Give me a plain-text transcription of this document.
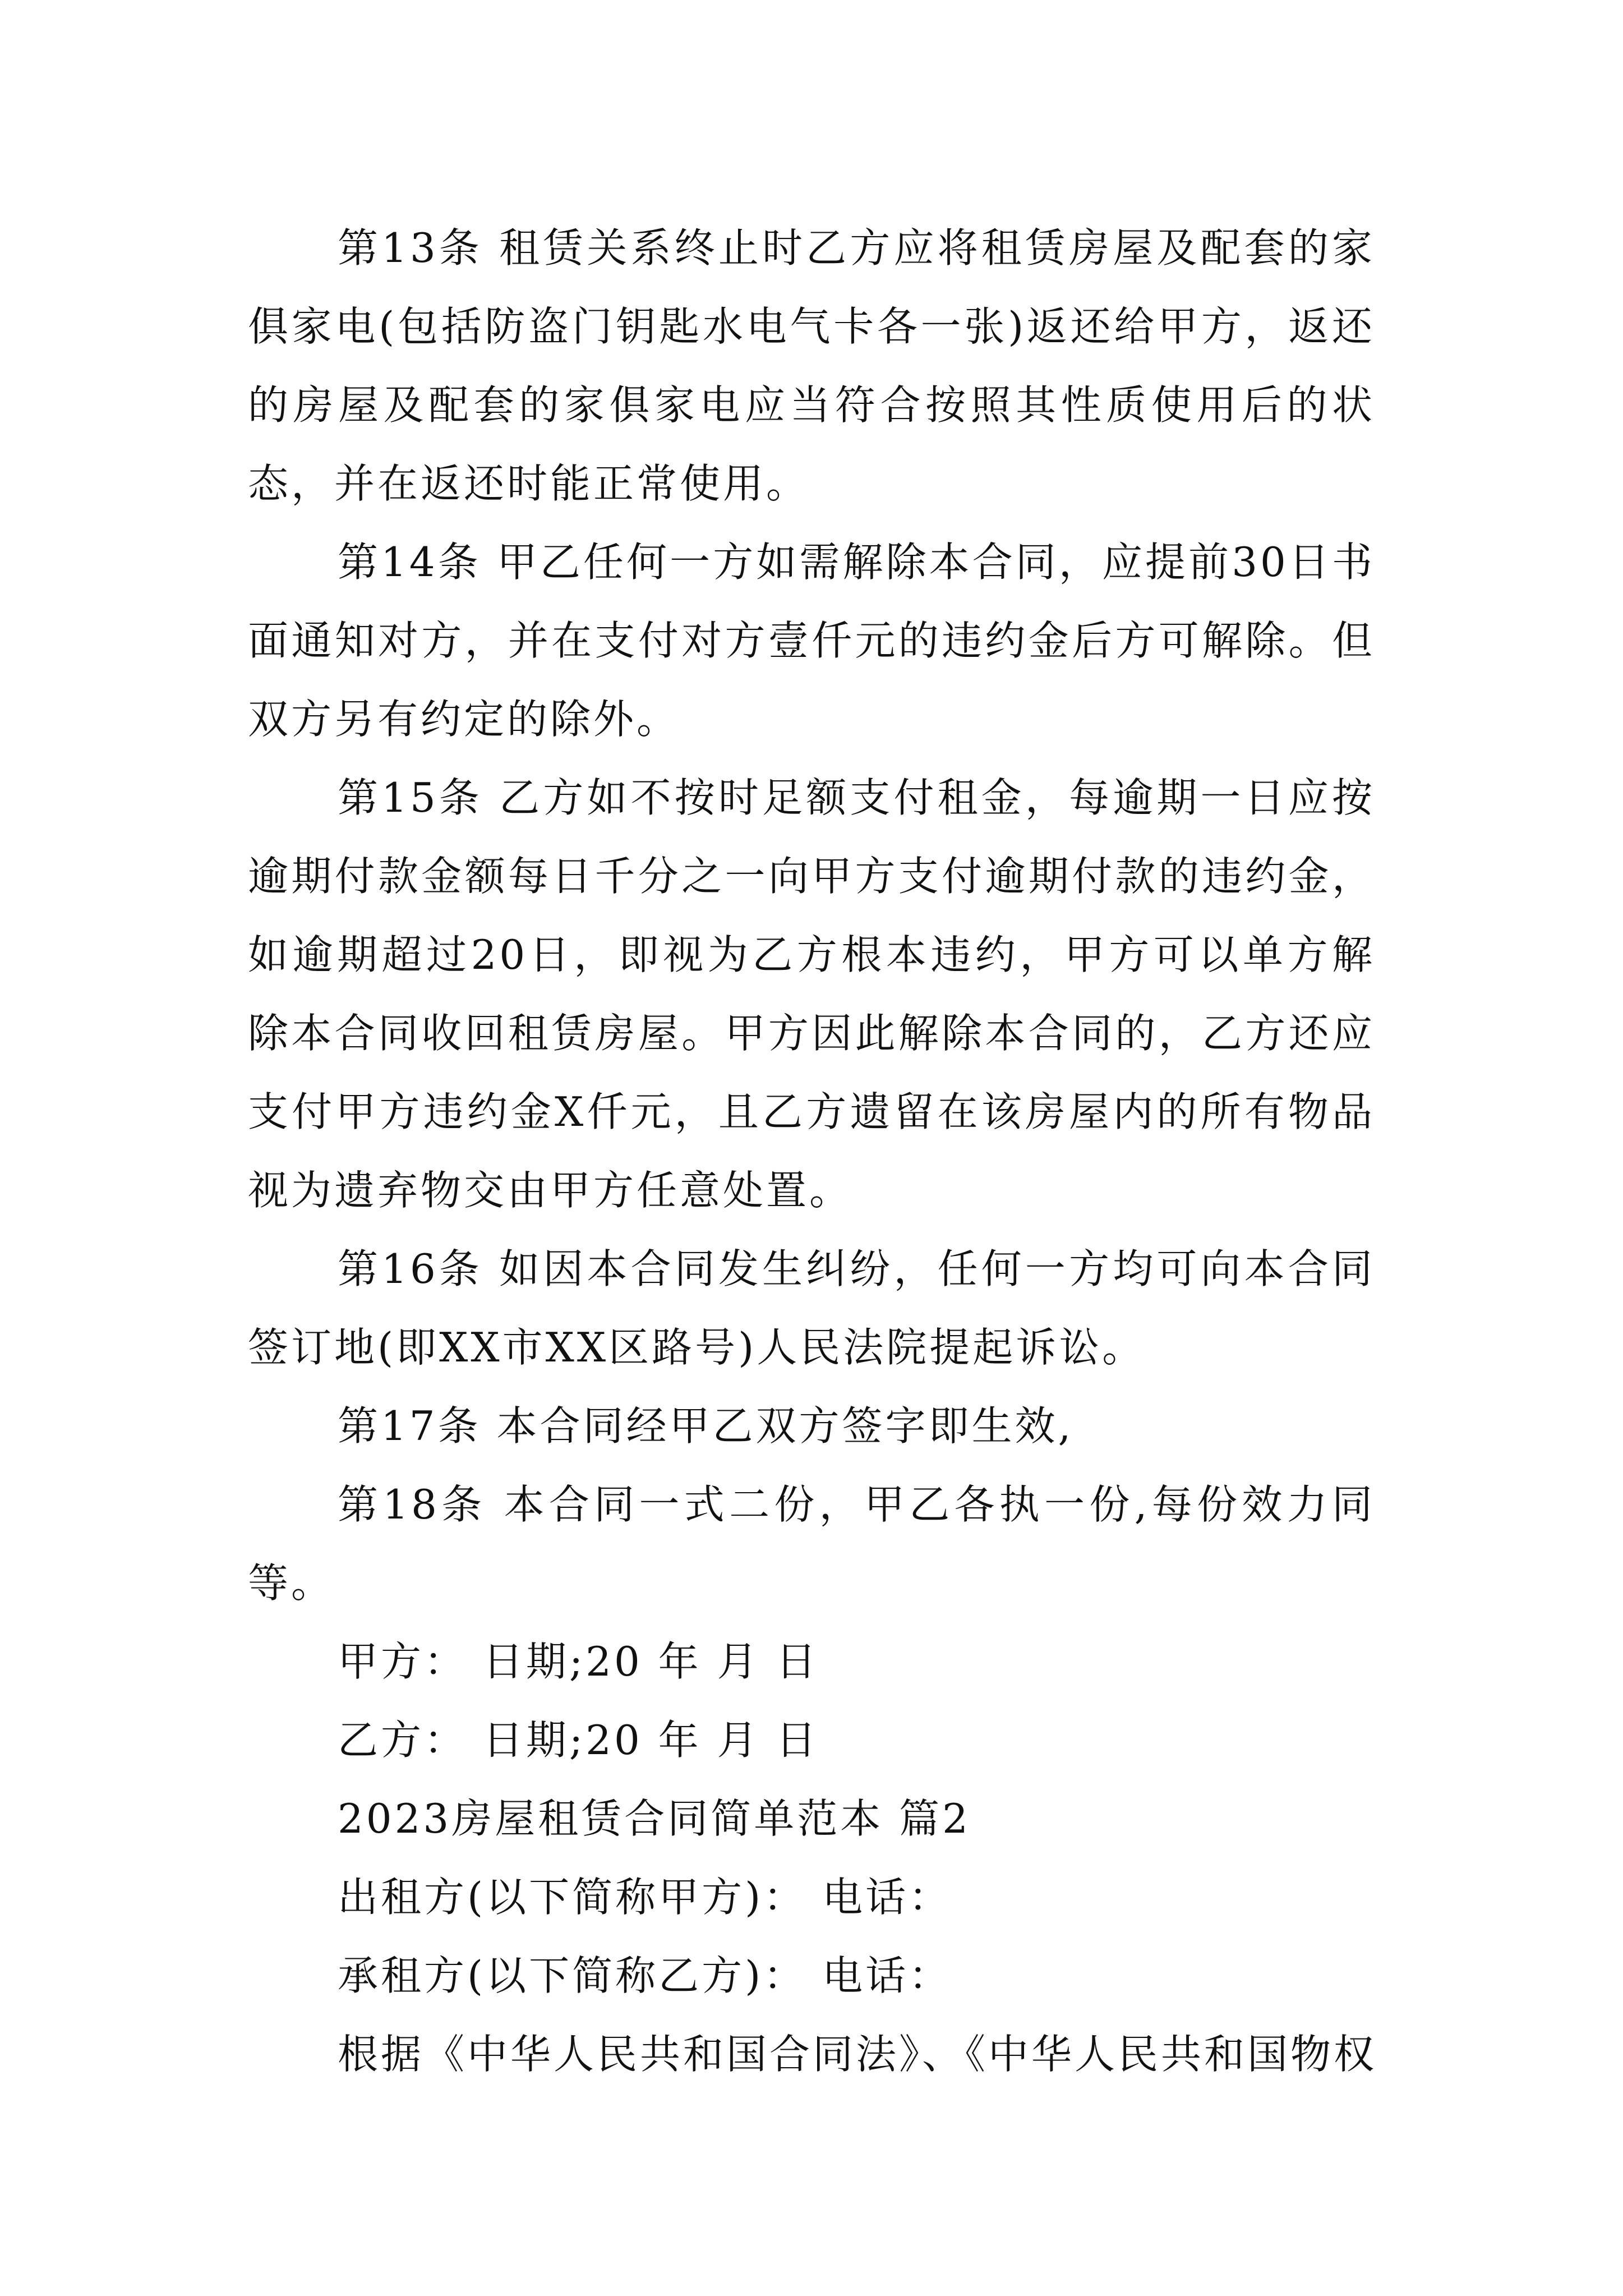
第13条 租赁关系终止时乙方应将租赁房屋及配套的家俱家电(包括防盗门钥匙水电气卡各一张)返还给甲方，返还的房屋及配套的家俱家电应当符合按照其性质使用后的状态，并在返还时能正常使用。

第14条 甲乙任何一方如需解除本合同，应提前30日书面通知对方，并在支付对方壹仟元的违约金后方可解除。但双方另有约定的除外。

第15条 乙方如不按时足额支付租金，每逾期一日应按逾期付款金额每日千分之一向甲方支付逾期付款的违约金，如逾期超过20日，即视为乙方根本违约，甲方可以单方解除本合同收回租赁房屋。甲方因此解除本合同的，乙方还应支付甲方违约金X仟元，且乙方遗留在该房屋内的所有物品视为遗弃物交由甲方任意处置。

第16条 如因本合同发生纠纷，任何一方均可向本合同签订地(即XX市XX区路号)人民法院提起诉讼。

第17条 本合同经甲乙双方签字即生效,

第18条 本合同一式二份，甲乙各执一份,每份效力同等。

甲方： 日期;20 年 月 日

乙方： 日期;20 年 月 日

2023房屋租赁合同简单范本 篇2

出租方(以下简称甲方)： 电话：

承租方(以下简称乙方)： 电话：

根据《中华人民共和国合同法》、《中华人民共和国物权
